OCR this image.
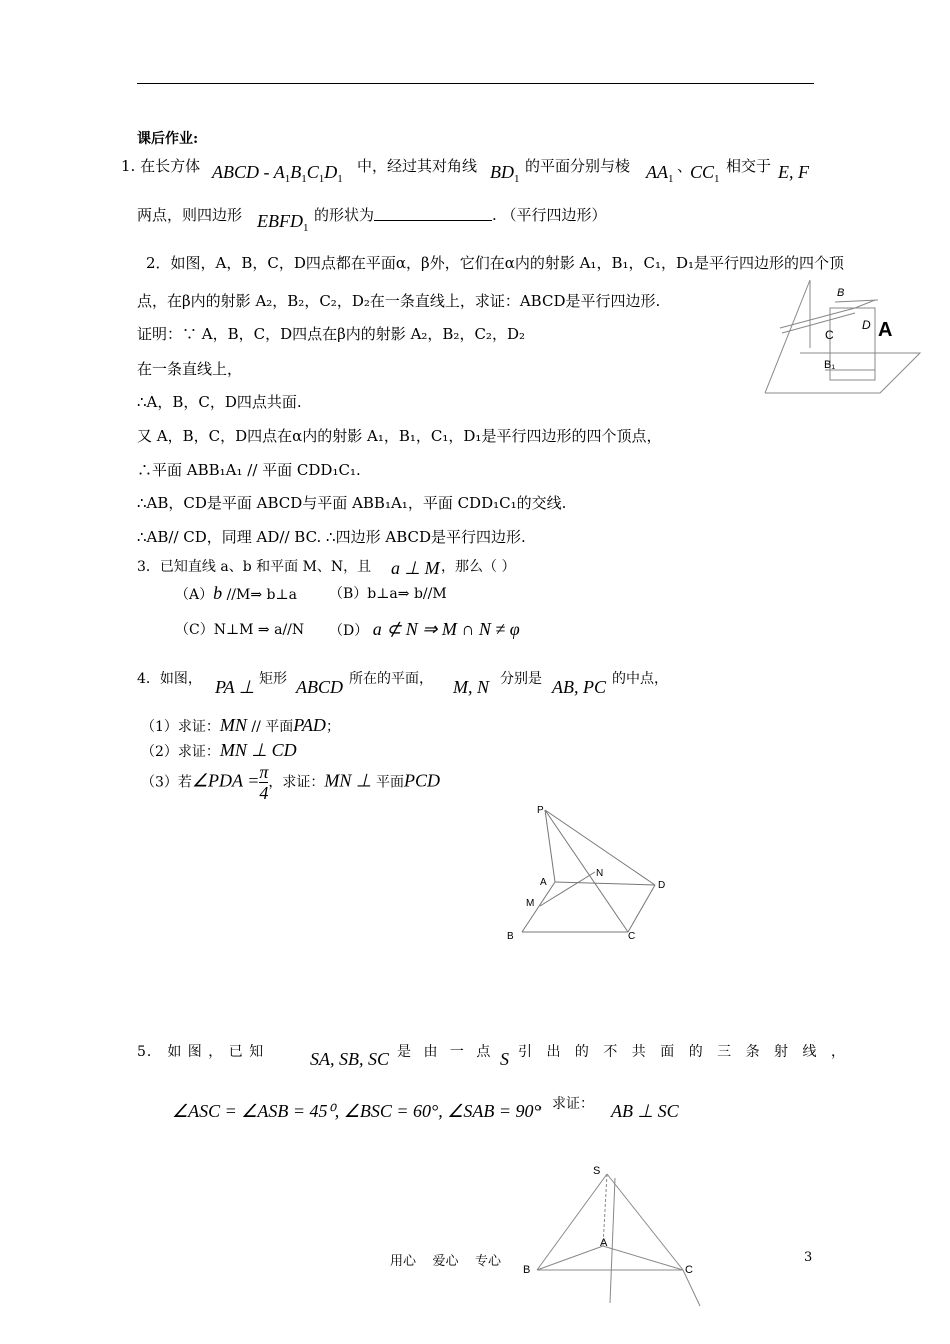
课后作业:
1. 在长方体 ABCD - $A_1B_1C_1D_1$
中，经过其对角线 $BD_1$
的平面分别与棱 $AA_1$
、
$CC_1$
相交于 E, F
两点，则四边形 $EBFD_1$
的形状为	. （平行四边形）
2．如图，A，B，C，D四点都在平面α，β外，它们在α内的射影 A₁，B₁，C₁，D₁是平行四边形的四个顶
点，在β内的射影 A₂，B₂，C₂，D₂在一条直线上，求证：ABCD是平行四边形.
证明：∵ A，B，C，D四点在β内的射影 A₂，B₂，C₂，D₂
在一条直线上，
∴A，B，C，D四点共面.
又 A，B，C，D四点在α内的射影 A₁，B₁，C₁，D₁是平行四边形的四个顶点，
∴平面 ABB₁A₁ // 平面 CDD₁C₁.
∴AB，CD是平面 ABCD与平面 ABB₁A₁，平面 CDD₁C₁的交线.
∴AB// CD，同理 AD// BC. ∴四边形 ABCD是平行四边形.
B
C
D A
B₁
3．已知直线 a、b 和平面 M、N，且 a ⊥ M ，那么（ ）
（A）b //M⇒ b⊥a （B）b⊥a⇒ b//M
（C）N⊥M ⇒ a//N （D） a ⊄ N ⇒ M ∩ N ≠ φ
4．如图， PA ⊥ 矩形 ABCD 所在的平面， M, N 分别是 AB, PC 的中点，
（1）求证：MN // 平面PAD；
（2）求证：MN ⊥ CD
（3）若∠PDA = $\frac{\pi}{4}$ ，求证：MN ⊥ 平面PCD
P
A
N
D
M
B	C
5． 如 图 ， 已 知	SA, SB, SC 是 由 一 点 S 引 出 的 不 共 面 的 三 条 射 线 ，
∠ASC = ∠ASB = 45⁰, ∠BSC = 60°, ∠SAB = 90°
，求证： AB ⊥ SC
S
A
B	C
用心    爱心    专心	3
